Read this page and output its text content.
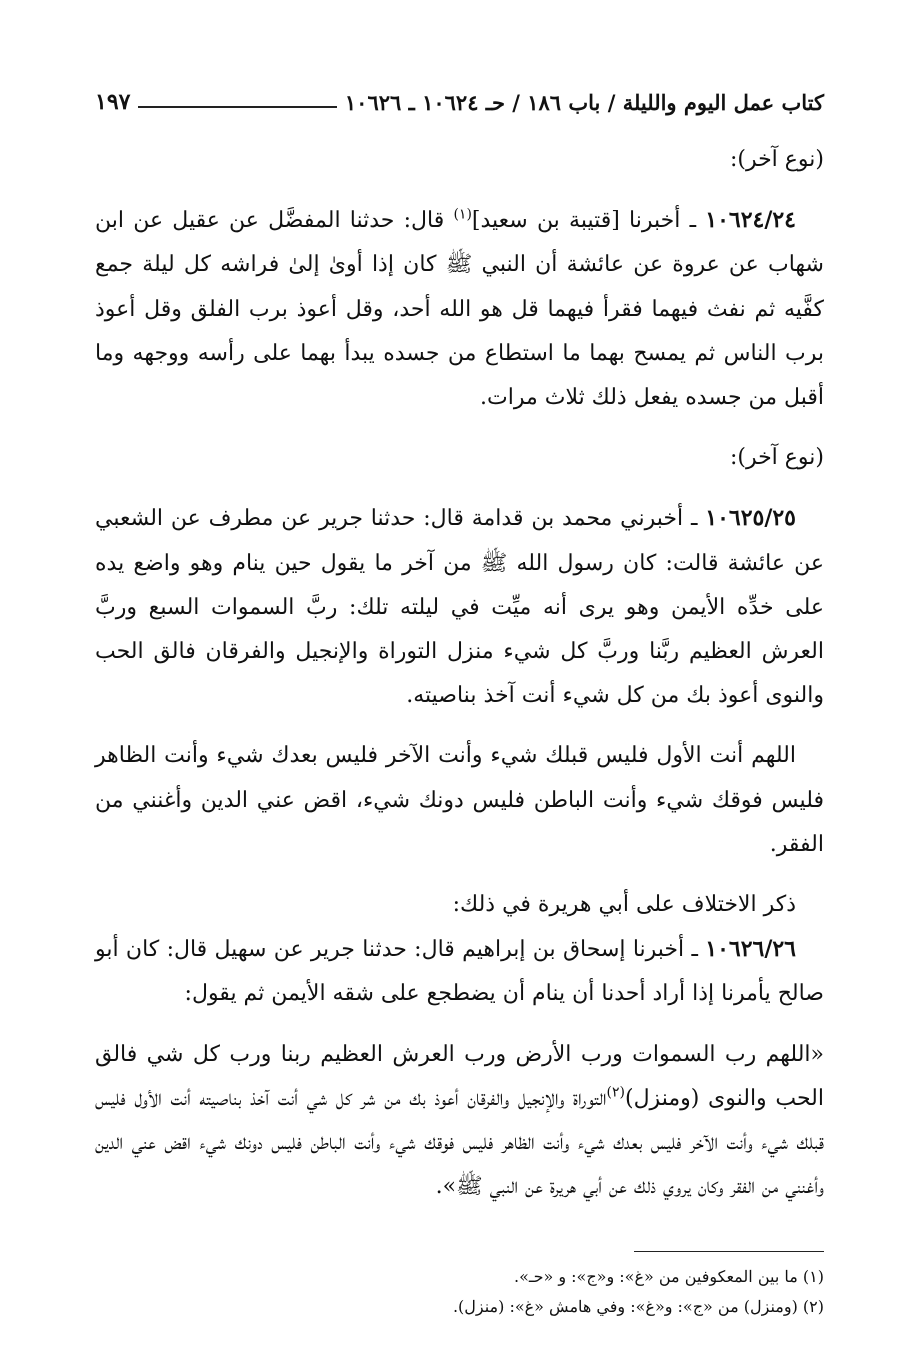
كتاب عمل اليوم والليلة / باب ١٨٦ / حـ ١٠٦٢٤ ـ ١٠٦٢٦
١٩٧

(نوع آخر):

١٠٦٢٤/٢٤ ـ أخبرنا [قتيبة بن سعيد]$^{(١)}$ قال: حدثنا المفضَّل عن عقيل عن ابن شهاب عن عروة عن عائشة أن النبي ﷺ كان إذا أوىٰ إلىٰ فراشه كل ليلة جمع كفَّيه ثم نفث فيهما فقرأ فيهما قل هو الله أحد، وقل أعوذ برب الفلق وقل أعوذ برب الناس ثم يمسح بهما ما استطاع من جسده يبدأ بهما على رأسه ووجهه وما أقبل من جسده يفعل ذلك ثلاث مرات.

(نوع آخر):

١٠٦٢٥/٢٥ ـ أخبرني محمد بن قدامة قال: حدثنا جرير عن مطرف عن الشعبي عن عائشة قالت: كان رسول الله ﷺ من آخر ما يقول حين ينام وهو واضع يده على خدِّه الأيمن وهو يرى أنه ميِّت في ليلته تلك: ربَّ السموات السبع وربَّ العرش العظيم ربَّنا وربَّ كل شيء منزل التوراة والإنجيل والفرقان فالق الحب والنوى أعوذ بك من كل شيء أنت آخذ بناصيته.

اللهم أنت الأول فليس قبلك شيء وأنت الآخر فليس بعدك شيء وأنت الظاهر فليس فوقك شيء وأنت الباطن فليس دونك شيء، اقض عني الدين وأغنني من الفقر.

ذكر الاختلاف على أبي هريرة في ذلك:

١٠٦٢٦/٢٦ ـ أخبرنا إسحاق بن إبراهيم قال: حدثنا جرير عن سهيل قال: كان أبو صالح يأمرنا إذا أراد أحدنا أن ينام أن يضطجع على شقه الأيمن ثم يقول:

«اللهم رب السموات ورب الأرض ورب العرش العظيم ربنا ورب كل شي فالق الحب والنوى (ومنزل)$^{(٢)}$التوراة والإنجيل والفرقان أعوذ بك من شر كل شي أنت آخذ بناصيته أنت الأول فليس قبلك شيء وأنت الآخر فليس بعدك شيء وأنت الظاهر فليس فوقك شيء وأنت الباطن فليس دونك شيء اقض عني الدين وأغنني من الفقر وكان يروي ذلك عن أبي هريرة عن النبي ﷺ».

(١) ما بين المعكوفين من «غ»: و«ج»: و «حـ».

(٢) (ومنزل) من «ج»: و«غ»: وفي هامش «غ»: (منزل).
